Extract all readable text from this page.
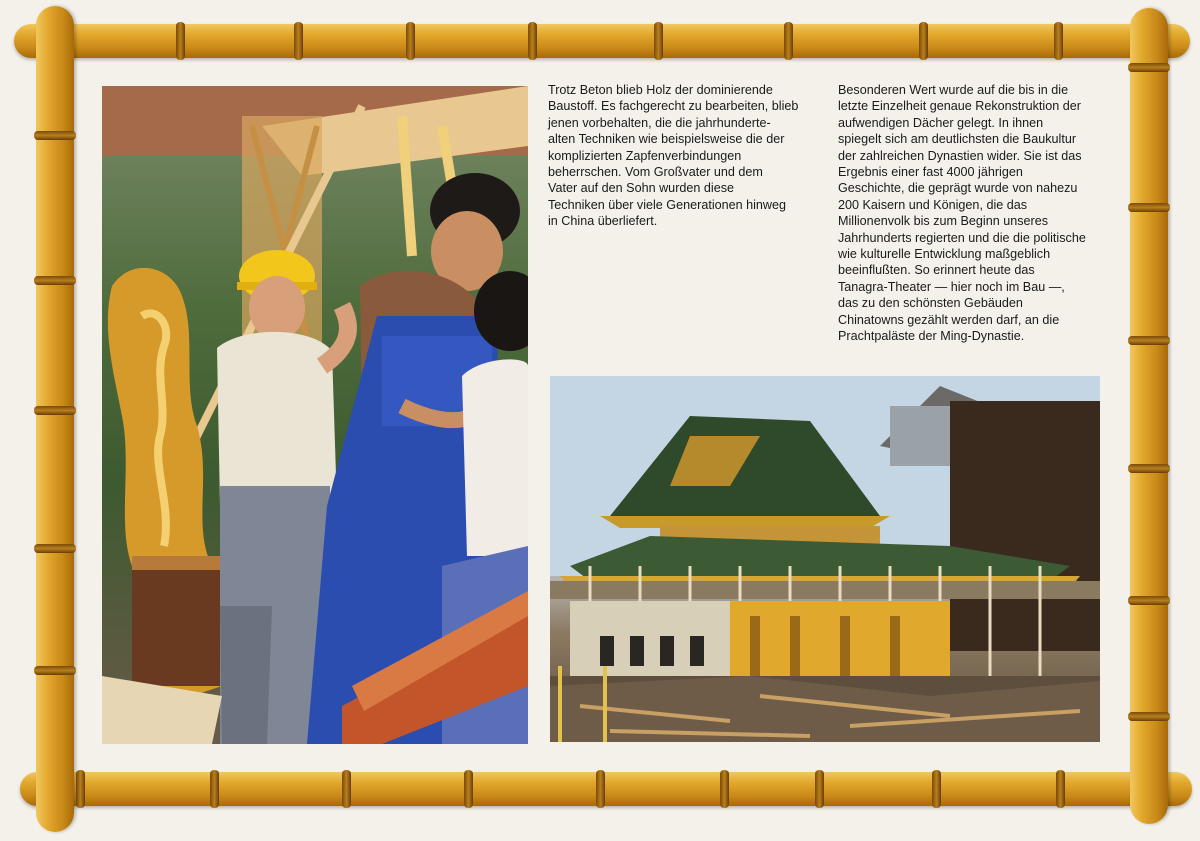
Trotz Beton blieb Holz der dominierende
Baustoff. Es fachgerecht zu bearbeiten, blieb
jenen vorbehalten, die die jahrhunderte-
alten Techniken wie beispielsweise die der
komplizierten Zapfenverbindungen
beherrschen. Vom Großvater und dem
Vater auf den Sohn wurden diese
Techniken über viele Generationen hinweg
in China überliefert.
Besonderen Wert wurde auf die bis in die
letzte Einzelheit genaue Rekonstruktion der
aufwendigen Dächer gelegt. In ihnen
spiegelt sich am deutlichsten die Baukultur
der zahlreichen Dynastien wider. Sie ist das
Ergebnis einer fast 4000 jährigen
Geschichte, die geprägt wurde von nahezu
200 Kaisern und Königen, die das
Millionenvolk bis zum Beginn unseres
Jahrhunderts regierten und die die politische
wie kulturelle Entwicklung maßgeblich
beeinflußten. So erinnert heute das
Tanagra-Theater — hier noch im Bau —,
das zu den schönsten Gebäuden
Chinatowns gezählt werden darf, an die
Prachtpaläste der Ming-Dynastie.
